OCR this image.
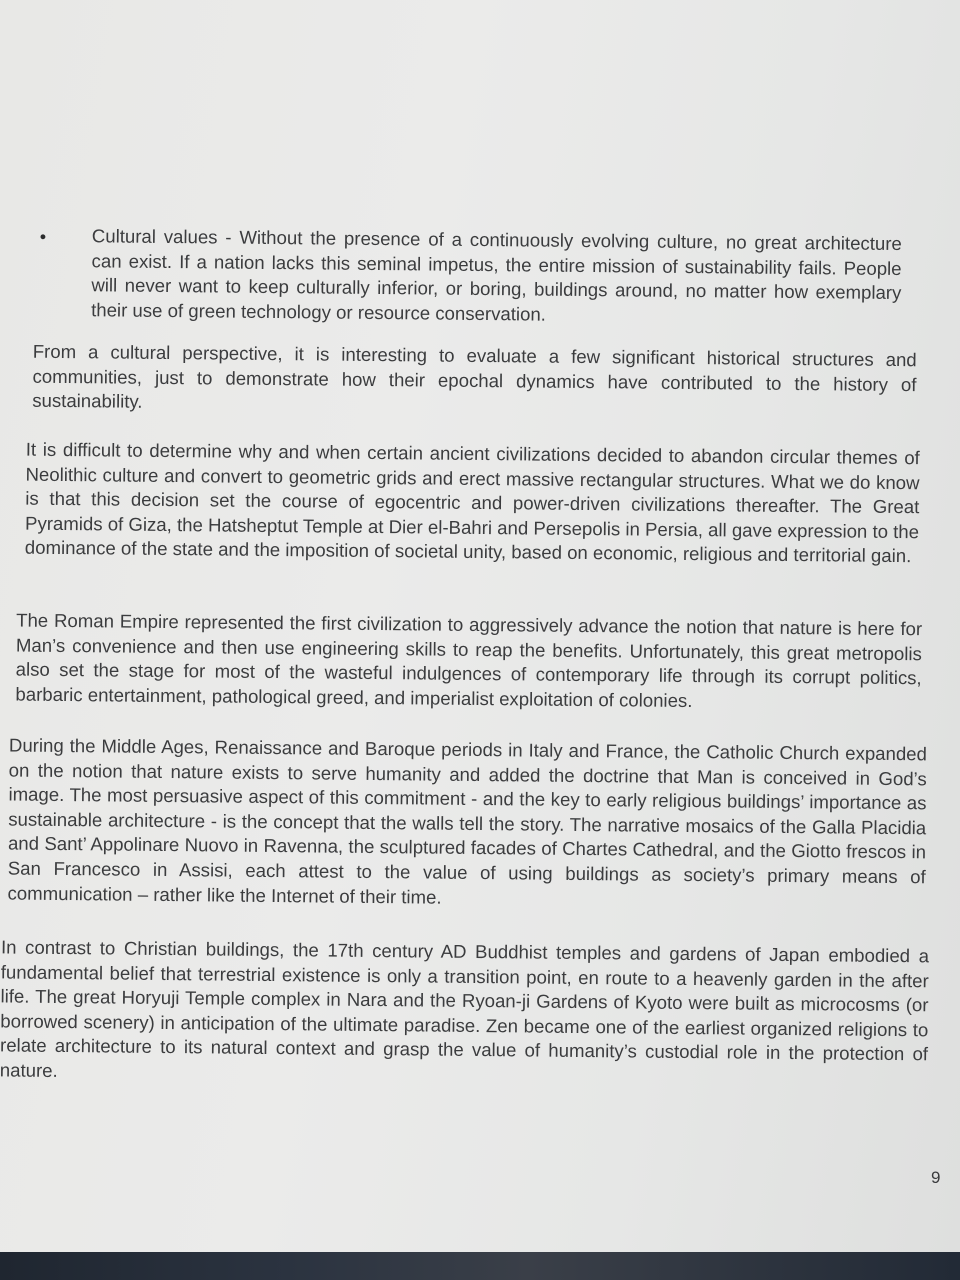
• Cultural values - Without the presence of a continuously evolving culture, no great architecture can exist. If a nation lacks this seminal impetus, the entire mission of sustainability fails. People will never want to keep culturally inferior, or boring, buildings around, no matter how exemplary their use of green technology or resource conservation.

From a cultural perspective, it is interesting to evaluate a few significant historical structures and communities, just to demonstrate how their epochal dynamics have contributed to the history of sustainability.

It is difficult to determine why and when certain ancient civilizations decided to abandon circular themes of Neolithic culture and convert to geometric grids and erect massive rectangular structures. What we do know is that this decision set the course of egocentric and power-driven civilizations thereafter. The Great Pyramids of Giza, the Hatsheptut Temple at Dier el-Bahri and Persepolis in Persia, all gave expression to the dominance of the state and the imposition of societal unity, based on economic, religious and territorial gain.

The Roman Empire represented the first civilization to aggressively advance the notion that nature is here for Man’s convenience and then use engineering skills to reap the benefits. Unfortunately, this great metropolis also set the stage for most of the wasteful indulgences of contemporary life through its corrupt politics, barbaric entertainment, pathological greed, and imperialist exploitation of colonies.

During the Middle Ages, Renaissance and Baroque periods in Italy and France, the Catholic Church expanded on the notion that nature exists to serve humanity and added the doctrine that Man is conceived in God’s image. The most persuasive aspect of this commitment - and the key to early religious buildings’ importance as sustainable architecture - is the concept that the walls tell the story. The narrative mosaics of the Galla Placidia and Sant’ Appolinare Nuovo in Ravenna, the sculptured facades of Chartes Cathedral, and the Giotto frescos in San Francesco in Assisi, each attest to the value of using buildings as society’s primary means of communication – rather like the Internet of their time.

In contrast to Christian buildings, the 17th century AD Buddhist temples and gardens of Japan embodied a fundamental belief that terrestrial existence is only a transition point, en route to a heavenly garden in the after life. The great Horyuji Temple complex in Nara and the Ryoan-ji Gardens of Kyoto were built as microcosms (or borrowed scenery) in anticipation of the ultimate paradise. Zen became one of the earliest organized religions to relate architecture to its natural context and grasp the value of humanity’s custodial role in the protection of nature.

9
